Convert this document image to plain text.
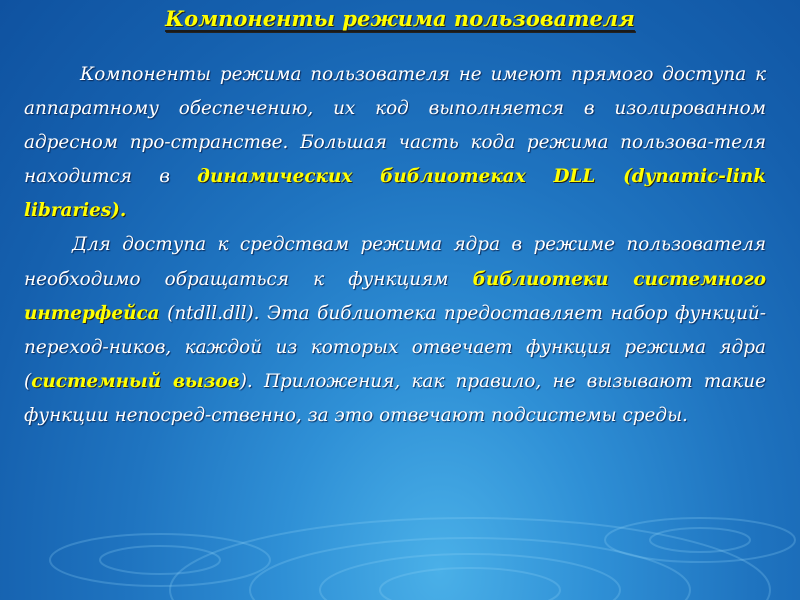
Компоненты режима пользователя

Компоненты режима пользователя не имеют прямого доступа к аппаратному обеспечению, их код выполняется в изолированном адресном про-странстве. Большая часть кода режима пользова-теля находится в динамических библиотеках DLL (dynamic-link libraries).

Для доступа к средствам режима ядра в режиме пользователя необходимо обращаться к функциям библиотеки системного интерфейса (ntdll.dll). Эта библиотека предоставляет набор функций-переход-ников, каждой из которых отвечает функция режима ядра (системный вызов). Приложения, как правило, не вызывают такие функции непосред-ственно, за это отвечают подсистемы среды.
